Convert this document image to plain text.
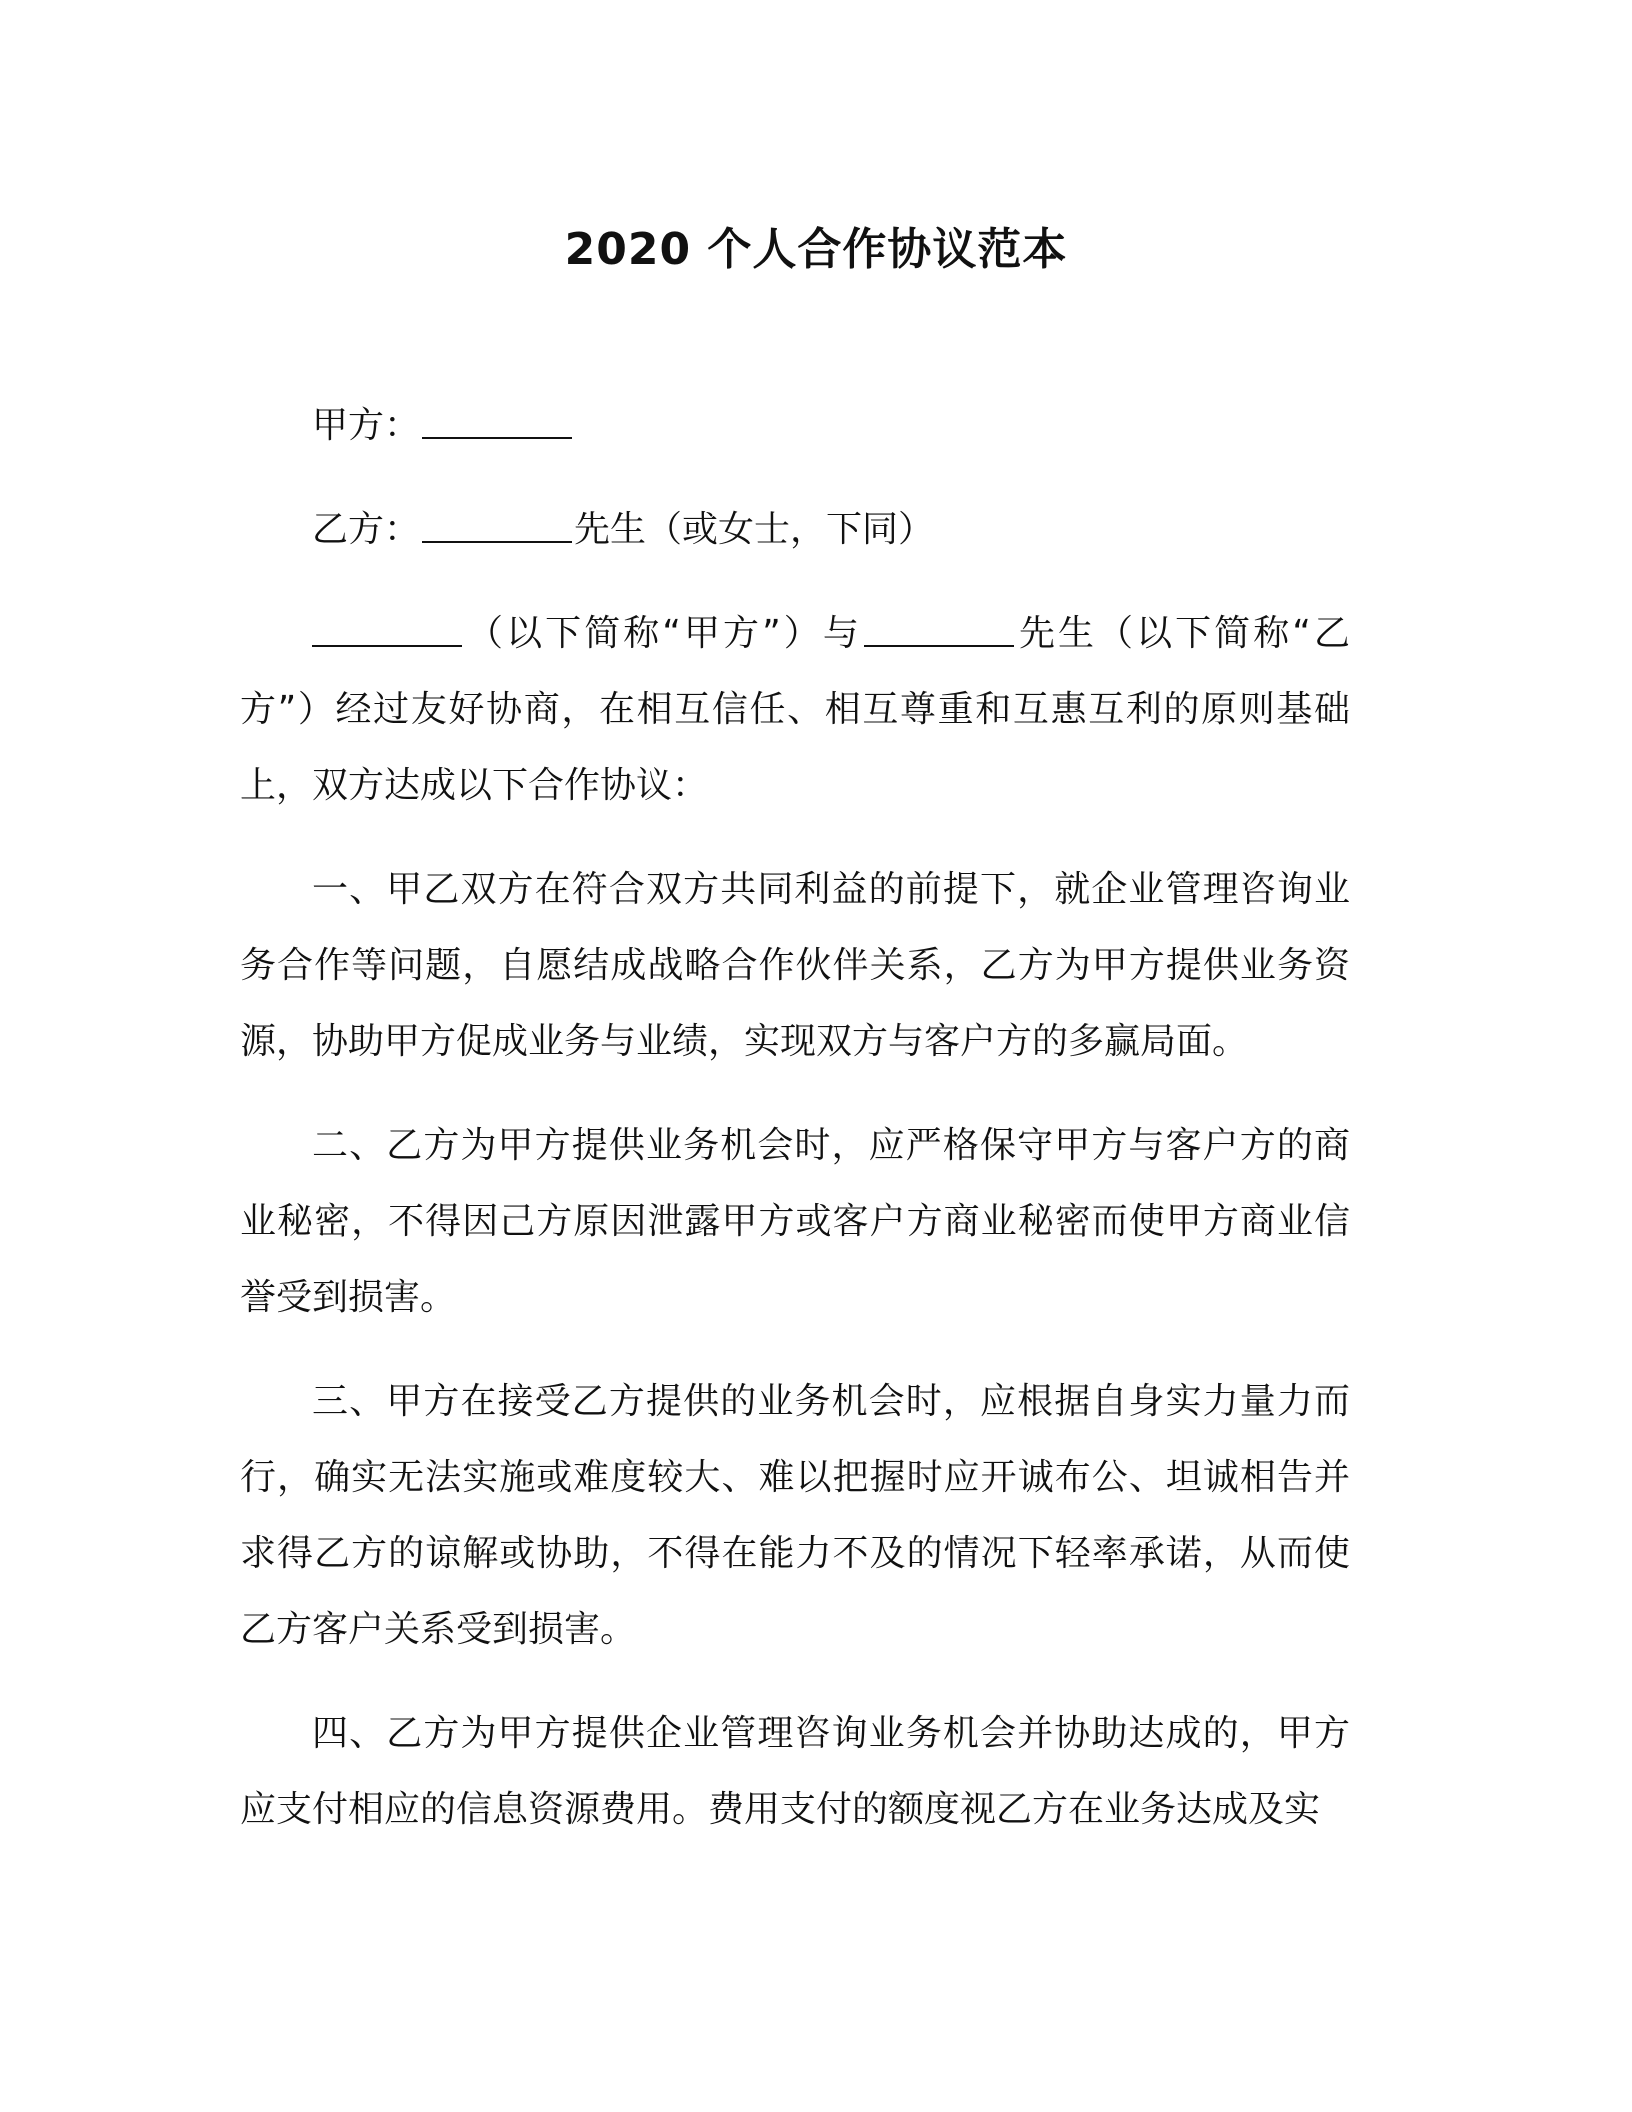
2020 个人合作协议范本
甲方：
乙方：	先生（或女士，下同）

（以下简称“甲方”）与	先生（以下简称“乙方”）经过友好协商，在相互信任、相互尊重和互惠互利的原则基础上，双方达成以下合作协议：

一、甲乙双方在符合双方共同利益的前提下，就企业管理咨询业务合作等问题，自愿结成战略合作伙伴关系，乙方为甲方提供业务资源，协助甲方促成业务与业绩，实现双方与客户方的多赢局面。

二、乙方为甲方提供业务机会时，应严格保守甲方与客户方的商业秘密，不得因己方原因泄露甲方或客户方商业秘密而使甲方商业信誉受到损害。

三、甲方在接受乙方提供的业务机会时，应根据自身实力量力而行，确实无法实施或难度较大、难以把握时应开诚布公、坦诚相告并求得乙方的谅解或协助，不得在能力不及的情况下轻率承诺，从而使乙方客户关系受到损害。

四、乙方为甲方提供企业管理咨询业务机会并协助达成的，甲方应支付相应的信息资源费用。费用支付的额度视乙方在业务达成及实
